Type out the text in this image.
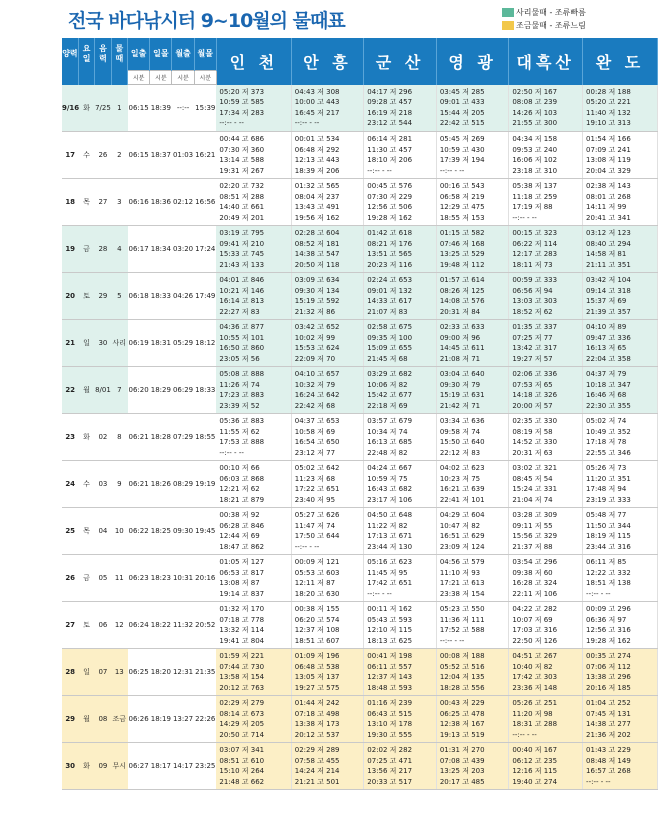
전국 바다낚시터 9~10월의 물때표	사리물때 - 조류빠름
조금물때 - 조류느림
양력	요일	음력	물때	일출	일몰	월출	월몰	인 천	안 흥	군 산	영 광	대흑산	완 도
				시분	시분	시분	시분						
9/16	화	7/25	1	06:15	18:39	--:--	15:39	05:20 저 373
10:59 고 585
17:34 저 283
--:-- - --	04:43 저 308
10:00 고 443
16:45 저 217
--:-- - --	04:17 저 296
09:28 고 457
16:19 저 218
23:12 고 544	03:45 저 285
09:01 고 433
15:44 저 205
22:42 고 515	02:50 저 167
08:08 고 239
14:26 저 103
21:55 고 300	00:28 저 188
05:20 고 221
11:40 저 132
19:10 고 313
17	수	26	2	06:15	18:37	01:03	16:21	00:44 고 686
07:30 저 360
13:14 고 588
19:31 저 267	00:01 고 534
06:48 저 292
12:13 고 443
18:39 저 206	06:14 저 281
11:30 고 457
18:10 저 206
--:-- - --	05:45 저 269
10:59 고 430
17:39 저 194
--:-- - --	04:34 저 158
09:53 고 240
16:06 저 102
23:18 고 310	01:54 저 166
07:09 고 241
13:08 저 119
20:04 고 329
18	목	27	3	06:16	18:36	02:12	16:56	02:20 고 732
08:51 저 288
14:40 고 661
20:49 저 201	01:32 고 565
08:04 저 237
13:43 고 491
19:56 저 162	00:45 고 576
07:30 저 229
12:56 고 506
19:28 저 162	00:16 고 543
06:58 저 219
12:29 고 475
18:55 저 153	05:38 저 137
11:18 고 259
17:19 저 88
--:-- - --	02:38 저 143
08:01 고 268
14:11 저 99
20:41 고 341
19	금	28	4	06:17	18:34	03:20	17:24	03:19 고 795
09:41 저 210
15:33 고 745
21:43 저 133	02:28 고 604
08:52 저 181
14:38 고 547
20:50 저 118	01:42 고 618
08:21 저 176
13:51 고 565
20:23 저 116	01:15 고 582
07:46 저 168
13:25 고 529
19:48 저 112	00:15 고 323
06:22 저 114
12:17 고 283
18:11 저 73	03:12 저 123
08:40 고 294
14:58 저 81
21:11 고 351
20	토	29	5	06:18	18:33	04:26	17:49	04:01 고 846
10:21 저 146
16:14 고 813
22:27 저 83	03:09 고 634
09:30 저 134
15:19 고 592
21:32 저 86	02:24 고 653
09:01 저 132
14:33 고 617
21:07 저 83	01:57 고 614
08:26 저 125
14:08 고 576
20:31 저 84	00:59 고 333
06:56 저 94
13:03 고 303
18:52 저 62	03:42 저 104
09:14 고 318
15:37 저 69
21:39 고 357
21	일	30	사리	06:19	18:31	05:29	18:12	04:36 고 877
10:55 저 101
16:50 고 860
23:05 저 56	03:42 고 652
10:02 저 99
15:53 고 624
22:09 저 70	02:58 고 675
09:35 저 100
15:09 고 655
21:45 저 68	02:33 고 633
09:00 저 96
14:45 고 611
21:08 저 71	01:35 고 337
07:25 저 77
13:42 고 317
19:27 저 57	04:10 저 89
09:47 고 336
16:13 저 65
22:04 고 358
22	월	8/01	7	06:20	18:29	06:29	18:33	05:08 고 888
11:26 저 74
17:23 고 883
23:39 저 52	04:10 고 657
10:32 저 79
16:24 고 642
22:42 저 68	03:29 고 682
10:06 저 82
15:42 고 677
22:18 저 69	03:04 고 640
09:30 저 79
15:19 고 631
21:42 저 71	02:06 고 336
07:53 저 65
14:18 고 326
20:00 저 57	04:37 저 79
10:18 고 347
16:46 저 68
22:30 고 355
23	화	02	8	06:21	18:28	07:29	18:55	05:36 고 883
11:55 저 62
17:53 고 888
--:-- - --	04:37 고 653
10:58 저 69
16:54 고 650
23:12 저 77	03:57 고 679
10:34 저 74
16:13 고 685
22:48 저 82	03:34 고 636
09:58 저 74
15:50 고 640
22:12 저 83	02:35 고 330
08:19 저 58
14:52 고 330
20:31 저 63	05:02 저 74
10:49 고 352
17:18 저 78
22:55 고 346
24	수	03	9	06:21	18:26	08:29	19:19	00:10 저 66
06:03 고 868
12:21 저 62
18:21 고 879	05:02 고 642
11:23 저 68
17:22 고 651
23:40 저 95	04:24 고 667
10:59 저 75
16:43 고 682
23:17 저 106	04:02 고 623
10:23 저 75
16:21 고 639
22:41 저 101	03:02 고 321
08:45 저 54
15:24 고 331
21:04 저 74	05:26 저 73
11:20 고 351
17:48 저 94
23:19 고 333
25	목	04	10	06:22	18:25	09:30	19:45	00:38 저 92
06:28 고 846
12:44 저 69
18:47 고 862	05:27 고 626
11:47 저 74
17:50 고 644
--:-- - --	04:50 고 648
11:22 저 82
17:13 고 671
23:44 저 130	04:29 고 604
10:47 저 82
16:51 고 629
23:09 저 124	03:28 고 309
09:11 저 55
15:56 고 329
21:37 저 88	05:48 저 77
11:50 고 344
18:19 저 115
23:44 고 316
26	금	05	11	06:23	18:23	10:31	20:16	01:05 저 127
06:53 고 817
13:08 저 87
19:14 고 837	00:09 저 121
05:53 고 603
12:11 저 87
18:20 고 630	05:16 고 623
11:45 저 95
17:42 고 651
--:-- - --	04:56 고 579
11:10 저 93
17:21 고 613
23:38 저 154	03:54 고 296
09:38 저 60
16:28 고 324
22:11 저 106	06:11 저 85
12:22 고 332
18:51 저 138
--:-- - --
27	토	06	12	06:24	18:22	11:32	20:52	01:32 저 170
07:18 고 778
13:32 저 114
19:41 고 804	00:38 저 155
06:20 고 574
12:37 저 108
18:51 고 607	00:11 저 162
05:43 고 593
12:10 저 115
18:13 고 625	05:23 고 550
11:36 저 111
17:52 고 588
--:-- - --	04:22 고 282
10:07 저 69
17:03 고 316
22:50 저 126	00:09 고 296
06:36 저 97
12:56 고 316
19:28 저 162
28	일	07	13	06:25	18:20	12:31	21:35	01:59 저 221
07:44 고 730
13:58 저 154
20:12 고 763	01:09 저 196
06:48 고 538
13:05 저 137
19:27 고 575	00:41 저 198
06:11 고 557
12:37 저 143
18:48 고 593	00:08 저 188
05:52 고 516
12:04 저 135
18:28 고 556	04:51 고 267
10:40 저 82
17:42 고 303
23:36 저 148	00:35 고 274
07:06 저 112
13:38 고 296
20:16 저 185
29	월	08	조금	06:26	18:19	13:27	22:26	02:29 저 279
08:14 고 673
14:29 저 205
20:50 고 714	01:44 저 242
07:18 고 498
13:38 저 173
20:12 고 537	01:16 저 239
06:43 고 515
13:10 저 178
19:30 고 555	00:43 저 229
06:25 고 478
12:38 저 167
19:13 고 519	05:26 고 251
11:20 저 98
18:31 고 288
--:-- - --	01:04 고 252
07:45 저 131
14:38 고 277
21:36 저 202
30	화	09	무시	06:27	18:17	14:17	23:25	03:07 저 341
08:51 고 610
15:10 저 264
21:48 고 662	02:29 저 289
07:58 고 455
14:24 저 214
21:21 고 501	02:02 저 282
07:25 고 471
13:56 저 217
20:33 고 517	01:31 저 270
07:08 고 439
13:25 저 203
20:17 고 485	00:40 저 167
06:12 고 235
12:16 저 115
19:40 고 274	01:43 고 229
08:48 저 149
16:57 고 268
--:-- - --
